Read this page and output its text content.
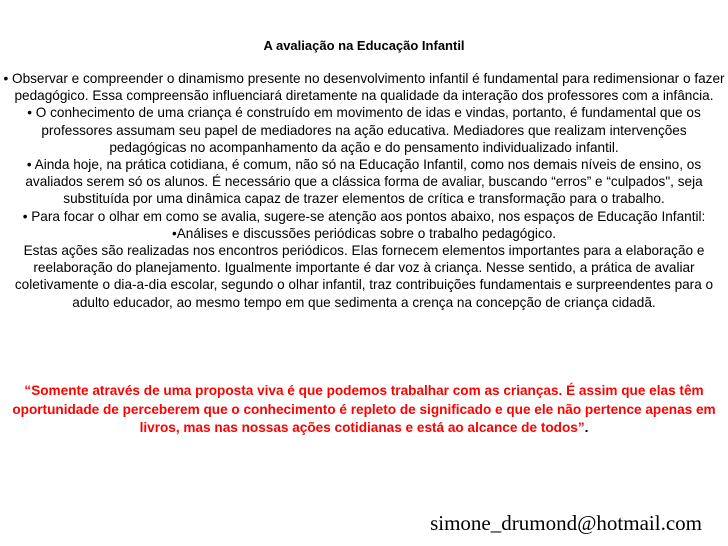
A avaliação na Educação Infantil

• Observar e compreender o dinamismo presente no desenvolvimento infantil é fundamental para redimensionar o fazer pedagógico. Essa compreensão influenciará diretamente na qualidade da interação dos professores com a infância.

• O conhecimento de uma criança é construído em movimento de idas e vindas, portanto, é fundamental que os professores assumam seu papel de mediadores na ação educativa. Mediadores que realizam intervenções pedagógicas no acompanhamento da ação e do pensamento individualizado infantil.

• Ainda hoje, na prática cotidiana, é comum, não só na Educação Infantil, como nos demais níveis de ensino, os avaliados serem só os alunos. É necessário que a clássica forma de avaliar, buscando “erros” e “culpados", seja substituída por uma dinâmica capaz de trazer elementos de crítica e transformação para o trabalho.

• Para focar o olhar em como se avalia, sugere-se atenção aos pontos abaixo, nos espaços de Educação Infantil:

•Análises e discussões periódicas sobre o trabalho pedagógico.

Estas ações são realizadas nos encontros periódicos. Elas fornecem elementos importantes para a elaboração e reelaboração do planejamento. Igualmente importante é dar voz à criança. Nesse sentido, a prática de avaliar coletivamente o dia-a-dia escolar, segundo o olhar infantil, traz contribuições fundamentais e surpreendentes para o adulto educador, ao mesmo tempo em que sedimenta a crença na concepção de criança cidadã.

“Somente através de uma proposta viva é que podemos trabalhar com as crianças. É assim que elas têm oportunidade de perceberem que o conhecimento é repleto de significado e que ele não pertence apenas em livros, mas nas nossas ações cotidianas e está ao alcance de todos”.
simone_drumond@hotmail.com
